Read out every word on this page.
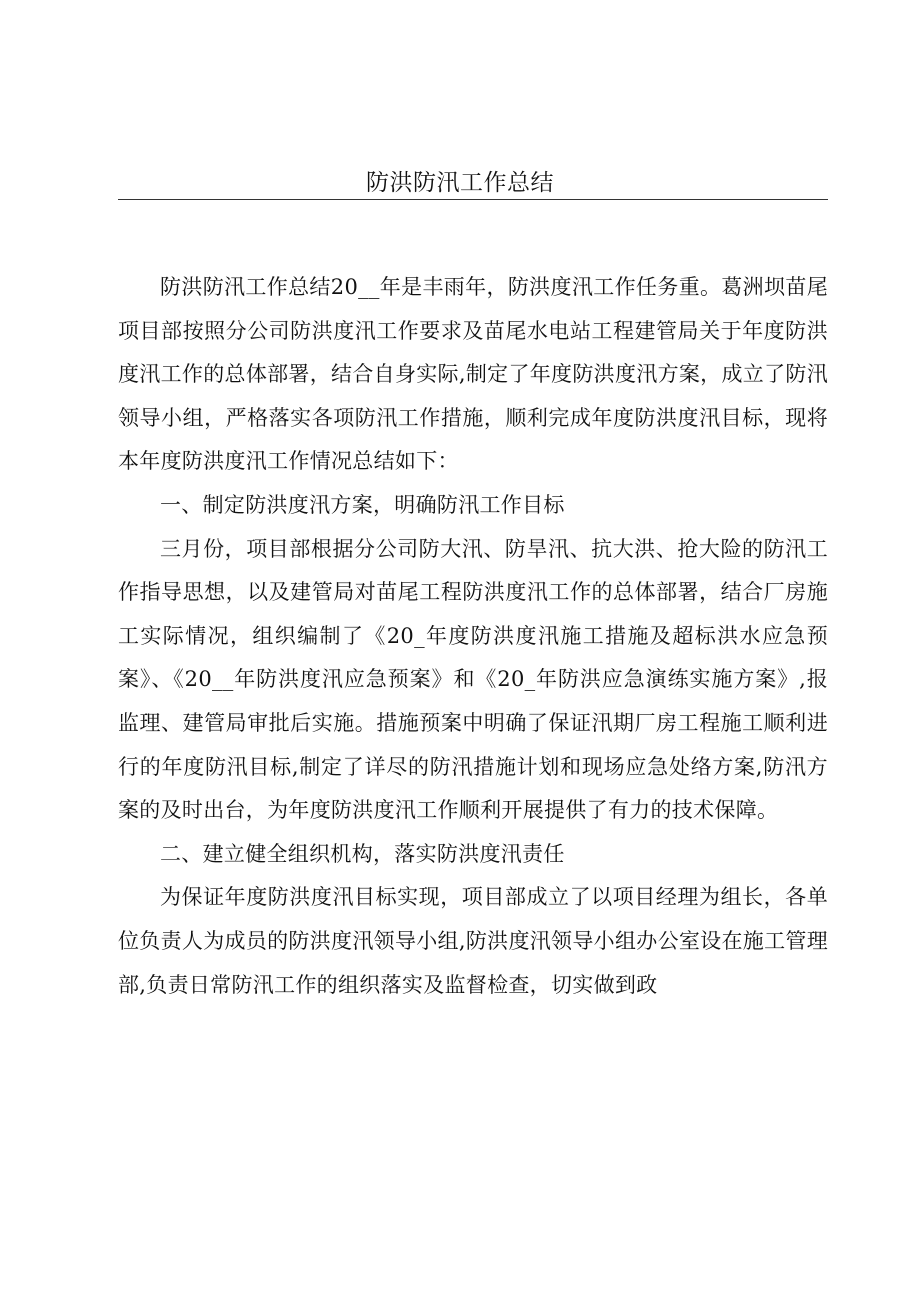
防洪防汛工作总结

防洪防汛工作总结20__年是丰雨年，防洪度汛工作任务重。葛洲坝苗尾项目部按照分公司防洪度汛工作要求及苗尾水电站工程建管局关于年度防洪度汛工作的总体部署，结合自身实际,制定了年度防洪度汛方案，成立了防汛领导小组，严格落实各项防汛工作措施，顺利完成年度防洪度汛目标，现将本年度防洪度汛工作情况总结如下：

一、制定防洪度汛方案，明确防汛工作目标

三月份，项目部根据分公司防大汛、防旱汛、抗大洪、抢大险的防汛工作指导思想，以及建管局对苗尾工程防洪度汛工作的总体部署，结合厂房施工实际情况，组织编制了《20_年度防洪度汛施工措施及超标洪水应急预案》、《20__年防洪度汛应急预案》和《20_年防洪应急演练实施方案》,报监理、建管局审批后实施。措施预案中明确了保证汛期厂房工程施工顺利进行的年度防汛目标,制定了详尽的防汛措施计划和现场应急处络方案,防汛方案的及时出台，为年度防洪度汛工作顺利开展提供了有力的技术保障。

二、建立健全组织机构，落实防洪度汛责任

为保证年度防洪度汛目标实现，项目部成立了以项目经理为组长，各单位负责人为成员的防洪度汛领导小组,防洪度汛领导小组办公室设在施工管理部,负责日常防汛工作的组织落实及监督检查，切实做到政
